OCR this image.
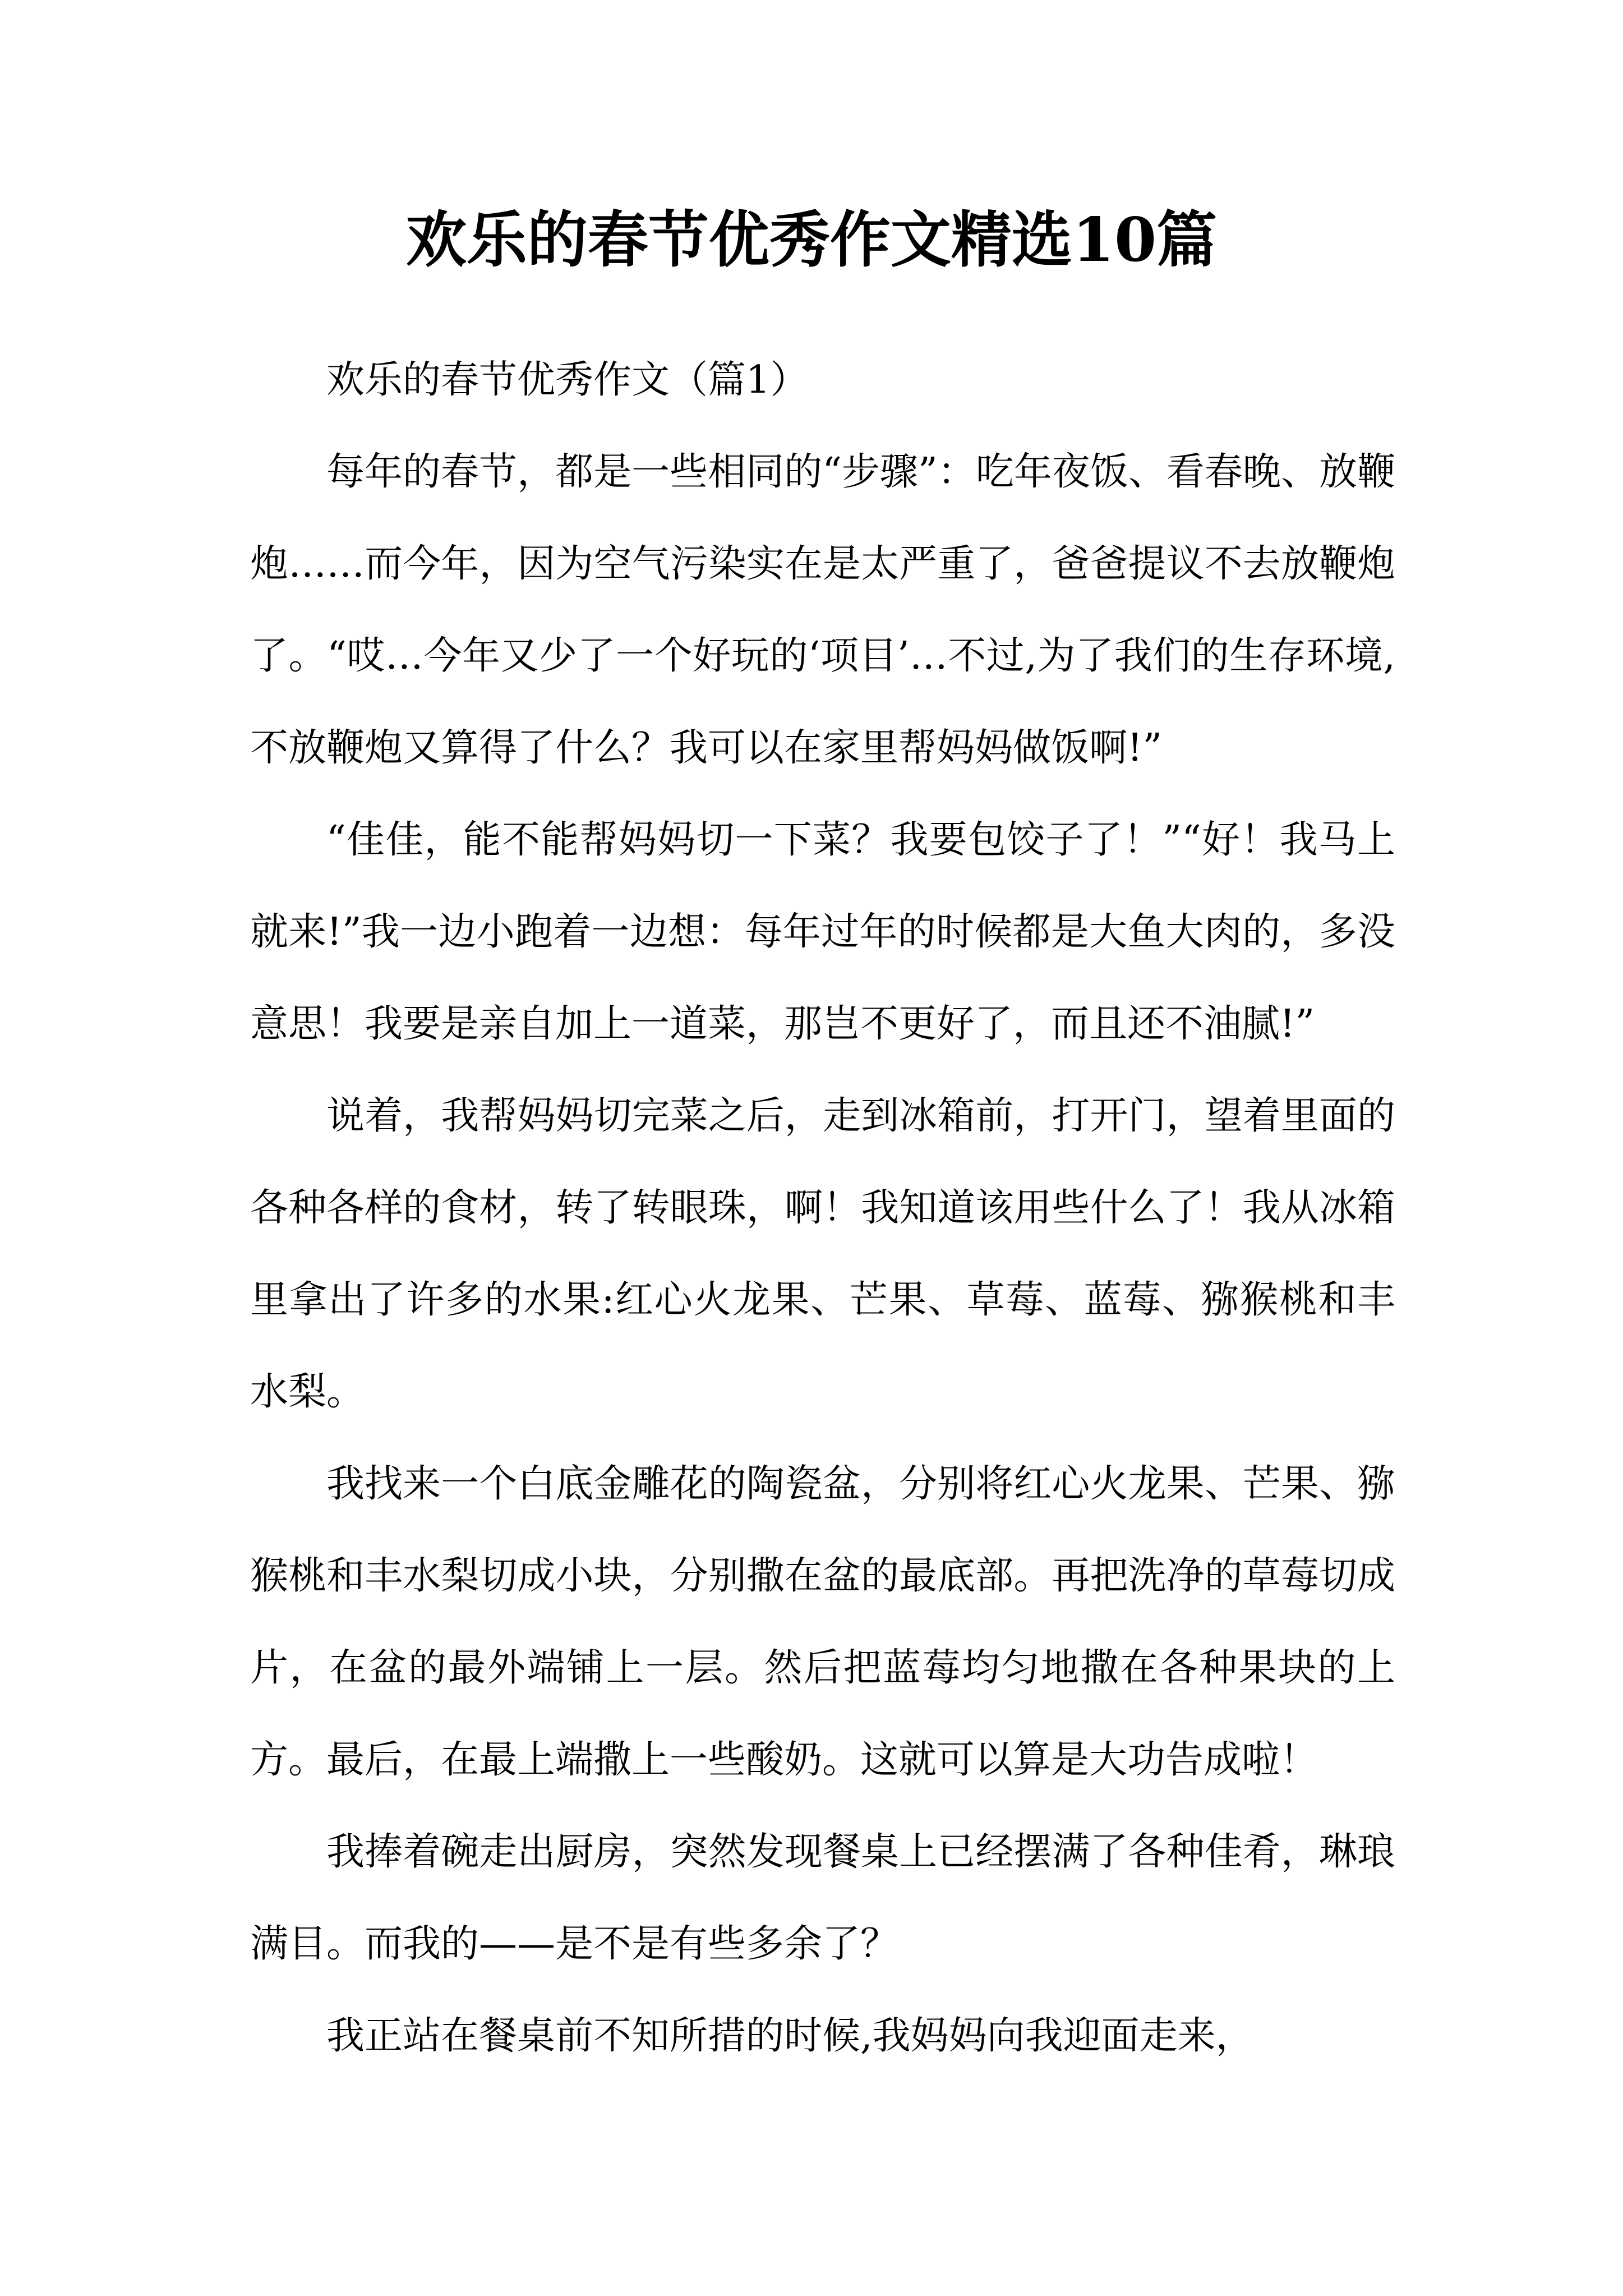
欢乐的春节优秀作文精选10篇

欢乐的春节优秀作文（篇1）

每年的春节，都是一些相同的“步骤”：吃年夜饭、看春晚、放鞭炮……而今年，因为空气污染实在是太严重了，爸爸提议不去放鞭炮了。“哎…今年又少了一个好玩的‘项目’…不过,为了我们的生存环境,不放鞭炮又算得了什么？我可以在家里帮妈妈做饭啊!”

“佳佳，能不能帮妈妈切一下菜？我要包饺子了！”“好！我马上就来!”我一边小跑着一边想：每年过年的时候都是大鱼大肉的，多没意思！我要是亲自加上一道菜，那岂不更好了，而且还不油腻!”

说着，我帮妈妈切完菜之后，走到冰箱前，打开门，望着里面的各种各样的食材，转了转眼珠，啊！我知道该用些什么了！我从冰箱里拿出了许多的水果:红心火龙果、芒果、草莓、蓝莓、猕猴桃和丰水梨。

我找来一个白底金雕花的陶瓷盆，分别将红心火龙果、芒果、猕猴桃和丰水梨切成小块，分别撒在盆的最底部。再把洗净的草莓切成片，在盆的最外端铺上一层。然后把蓝莓均匀地撒在各种果块的上方。最后，在最上端撒上一些酸奶。这就可以算是大功告成啦！

我捧着碗走出厨房，突然发现餐桌上已经摆满了各种佳肴，琳琅满目。而我的——是不是有些多余了？

我正站在餐桌前不知所措的时候,我妈妈向我迎面走来，
